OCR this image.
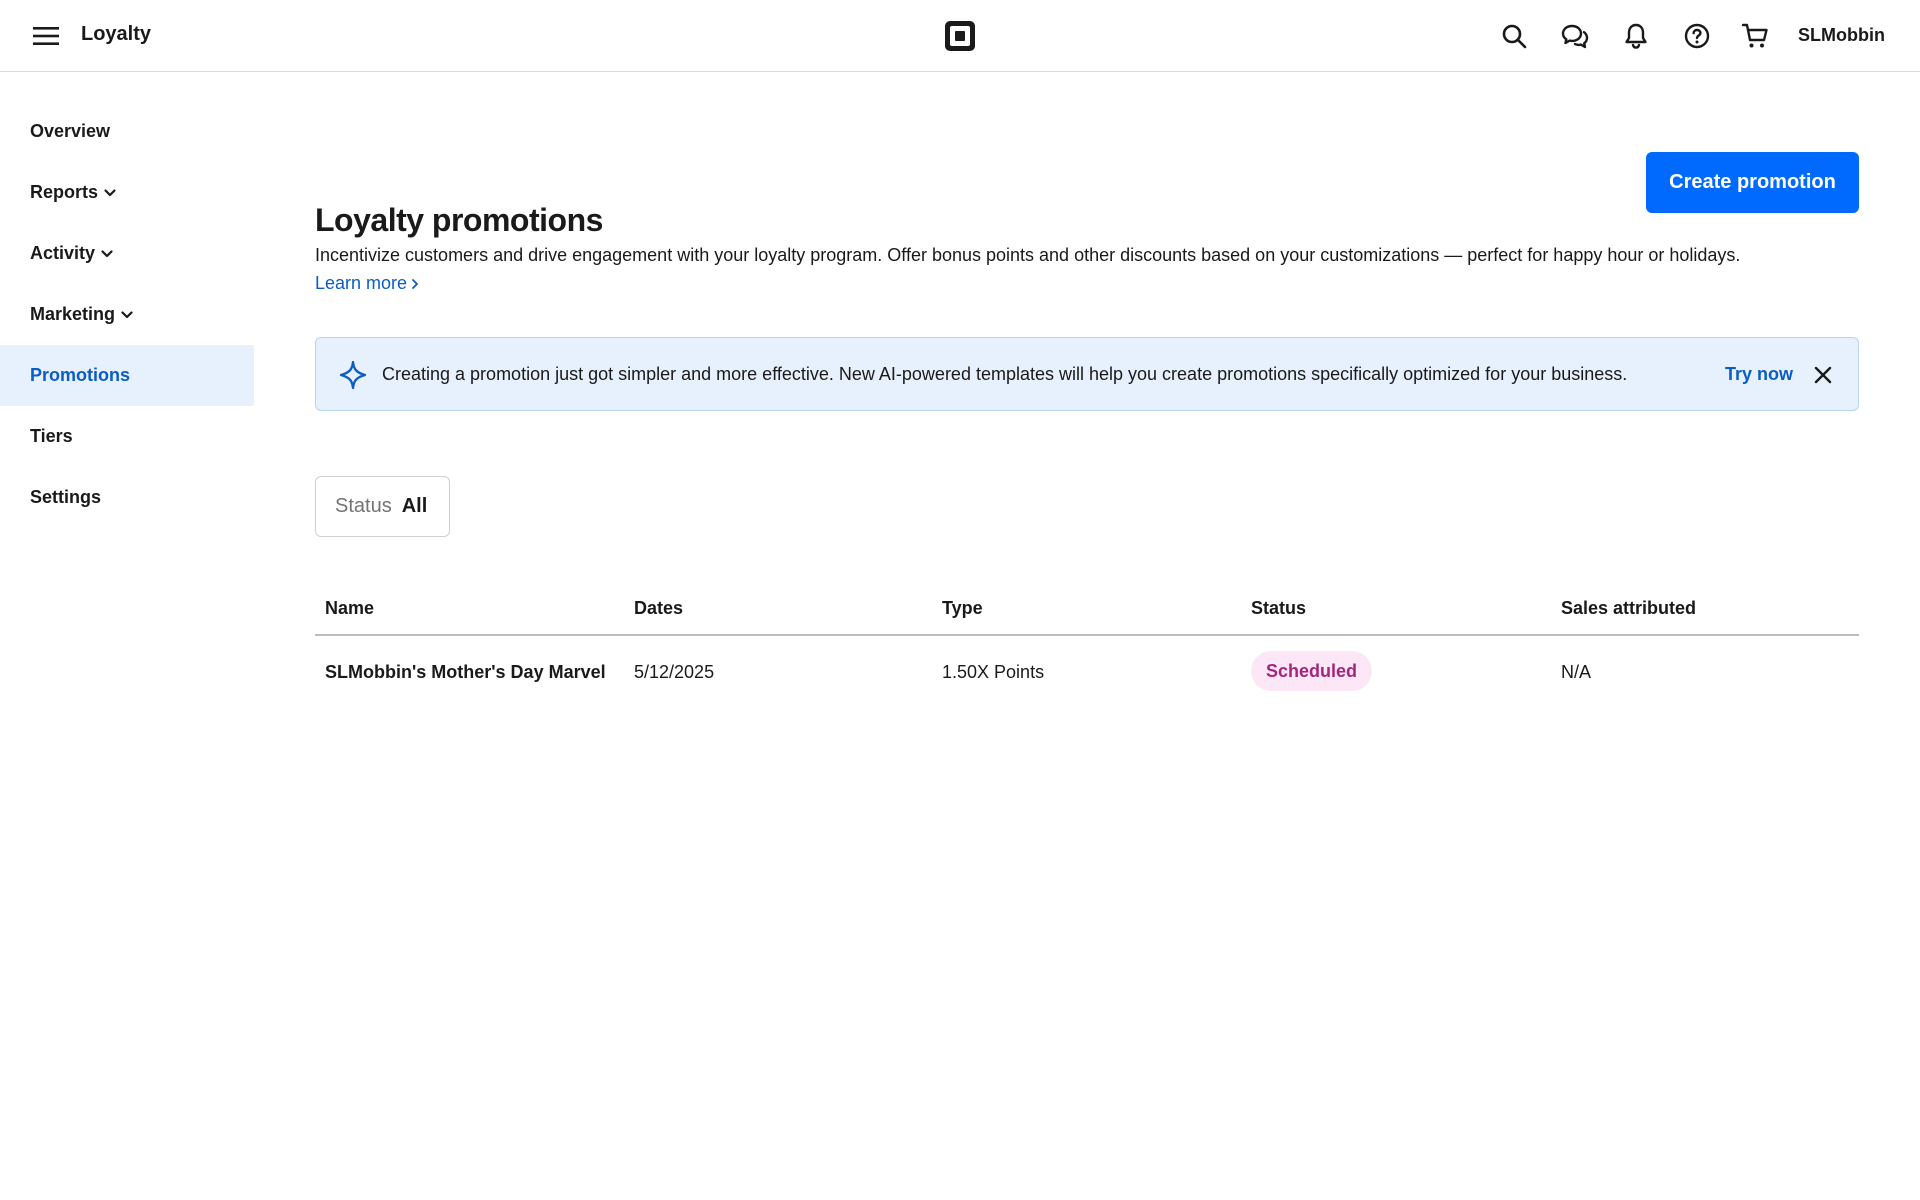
Loyalty	SLMobbin
Overview
Reports
Activity
Marketing
Promotions
Tiers
Settings
Create promotion
Loyalty promotions
Incentivize customers and drive engagement with your loyalty program. Offer bonus points and other discounts based on your customizations — perfect for happy hour or holidays.
Learn more
Creating a promotion just got simpler and more effective. New AI-powered templates will help you create promotions specifically optimized for your business.	Try now
Status All
Name	Dates	Type	Status	Sales attributed
SLMobbin's Mother's Day Marvel 5/12/2025	1.50X Points	Scheduled	N/A
